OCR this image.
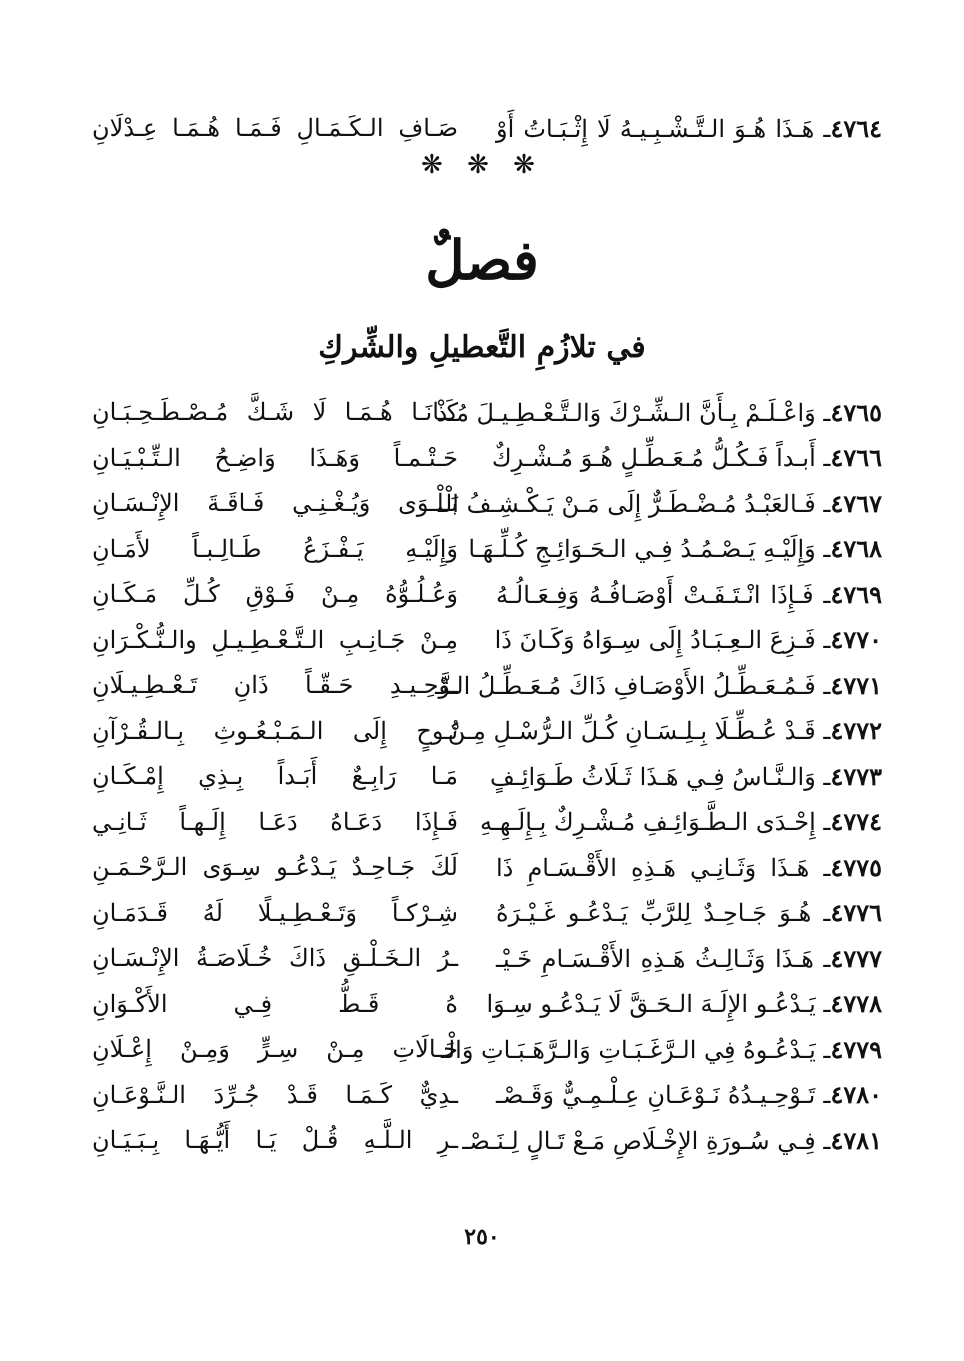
٤٧٦٤ـ هَـذَا هُـوَ الـتَّـشْـبِـيـهُ لَا إِثْـبَـاتُ أَوْ
صَـافِ الـكَـمَـالِ فَـمَـا هُـمَـا عِـدْلَانِ
❋ ❋ ❋
فصلٌ
في تلازُمِ التَّعطيلِ والشِّركِ
٤٧٦٥ـ وَاعْـلَـمْ بِـأَنَّ الـشِّـرْكَ وَالـتَّـعْـطِـيـلَ مُـذْ
كَـانَـا هُـمَـا لَا شَـكَّ مُـصْـطَـحِـبَـانِ
٤٧٦٦ـ أَبـداً فَـكُـلُّ مُـعَـطِّـلٍ هُـوَ مُـشْـرِكٌ
حَـتْـمـاً وَهَـذَا وَاضِـحُ الـتِّـبْـيَـانِ
٤٧٦٧ـ فَـالعَبْـدُ مُـضْـطَـرٌّ إِلَى مَـنْ يَـكْـشِـفُ الْـ
بَـلْـوَى وَيُـغْـنِـي فَـاقَـةَ الإِنْـسَـانِ
٤٧٦٨ـ وَإِلَيْـهِ يَـصْـمُـدُ فِـي الـحَـوَائِـجِ كُـلِّـهَـا
وَإِلَيْـهِ يَـفْـزَعُ طَـالِـبـاً لأَمَـانِ
٤٧٦٩ـ فَـإِذَا انْـتَـفَـتْ أَوْصَـافُـهُ وَفِـعَـالُـهُ
وَعُـلُـوُّهُ مِـنْ فَـوْقِ كُـلِّ مَـكَـانِ
٤٧٧٠ـ فَـزِعَ الـعِـبَـادُ إِلَى سِـوَاهُ وَكَـانَ ذَا
مِـنْ جَـانِـبِ الـتَّـعْـطِـيـلِ والـنُّـكْـرَانِ
٤٧٧١ـ فَـمُـعَـطِّـلُ الأَوْصَـافِ ذَاكَ مُـعَـطِّـلُ الـتَّـ
ـوْحِـيـدِ حَـقّـاً ذَانِ تَـعْـطِـيـلَانِ
٤٧٧٢ـ قَـدْ عُـطِّـلَا بِـلِـسَـانِ كُـلِّ الـرُّسْـلِ مِـنْ
نُـوحٍ إِلَى الـمَـبْـعُـوثِ بِـالـقُـرْآنِ
٤٧٧٣ـ وَالـنَّـاسُ فِـي هَـذَا ثَـلَاثُ طَـوَائِـفٍ
مَـا رَابِـعٌ أَبَـداً بِـذِي إِمْـكَـانِ
٤٧٧٤ـ إِحْـدَى الـطَّـوَائِـفِ مُـشْـرِكٌ بِـإِلَـهِـهِ
فَـإِذَا دَعَـاهُ دَعَـا إِلَـهـاً ثَـانِـي
٤٧٧٥ـ هَـذَا وَثَـانِـي هَـذِهِ الأَقْـسَـامِ ذَا
لَكَ جَـاحِـدٌ يَـدْعُـو سِـوَى الـرَّحْـمَـنِ
٤٧٧٦ـ هُـوَ جَـاحِـدٌ لِلرَّبِّ يَـدْعُـو غَـيْـرَهُ
شِـرْكـاً وَتَـعْـطِـيـلًا لَهُ قَـدَمَـانِ
٤٧٧٧ـ هَـذَا وَثَـالِـثُ هَـذِهِ الأَقْـسَـامِ خَـيْـ
ـرُ الـخَـلْـقِ ذَاكَ خُـلَاصَـةُ الإِنْـسَـانِ
٤٧٧٨ـ يَـدْعُـو الإِلَـهَ الـحَـقَّ لَا يَـدْعُـو سِـوَا
هُ قَـطُّ فِـي الأَكْـوَانِ
٤٧٧٩ـ يَـدْعُـوهُ فِي الـرَّغَـبَـاتِ وَالـرَّهَـبَـاتِ وَالْـ
حَـالَاتِ مِـنْ سِـرٍّ وَمِـنْ إِعْـلَانِ
٤٧٨٠ـ تَـوْحِـيـدُهُ نَـوْعَـانِ عِـلْـمِـيٌّ وَقَـصْـ
ـدِيٌّ كَـمَـا قَـدْ جُـرِّدَ الـنَّـوْعَـانِ
٤٧٨١ـ فِـي سُـورَةِ الإِخْـلَاصِ مَـعْ تَـالٍ لِـنَـصْـ
ـرِ الـلَّـهِ قُـلْ يَـا أَيُّـهَـا بِـبَـيَـانِ
٢٥٠
